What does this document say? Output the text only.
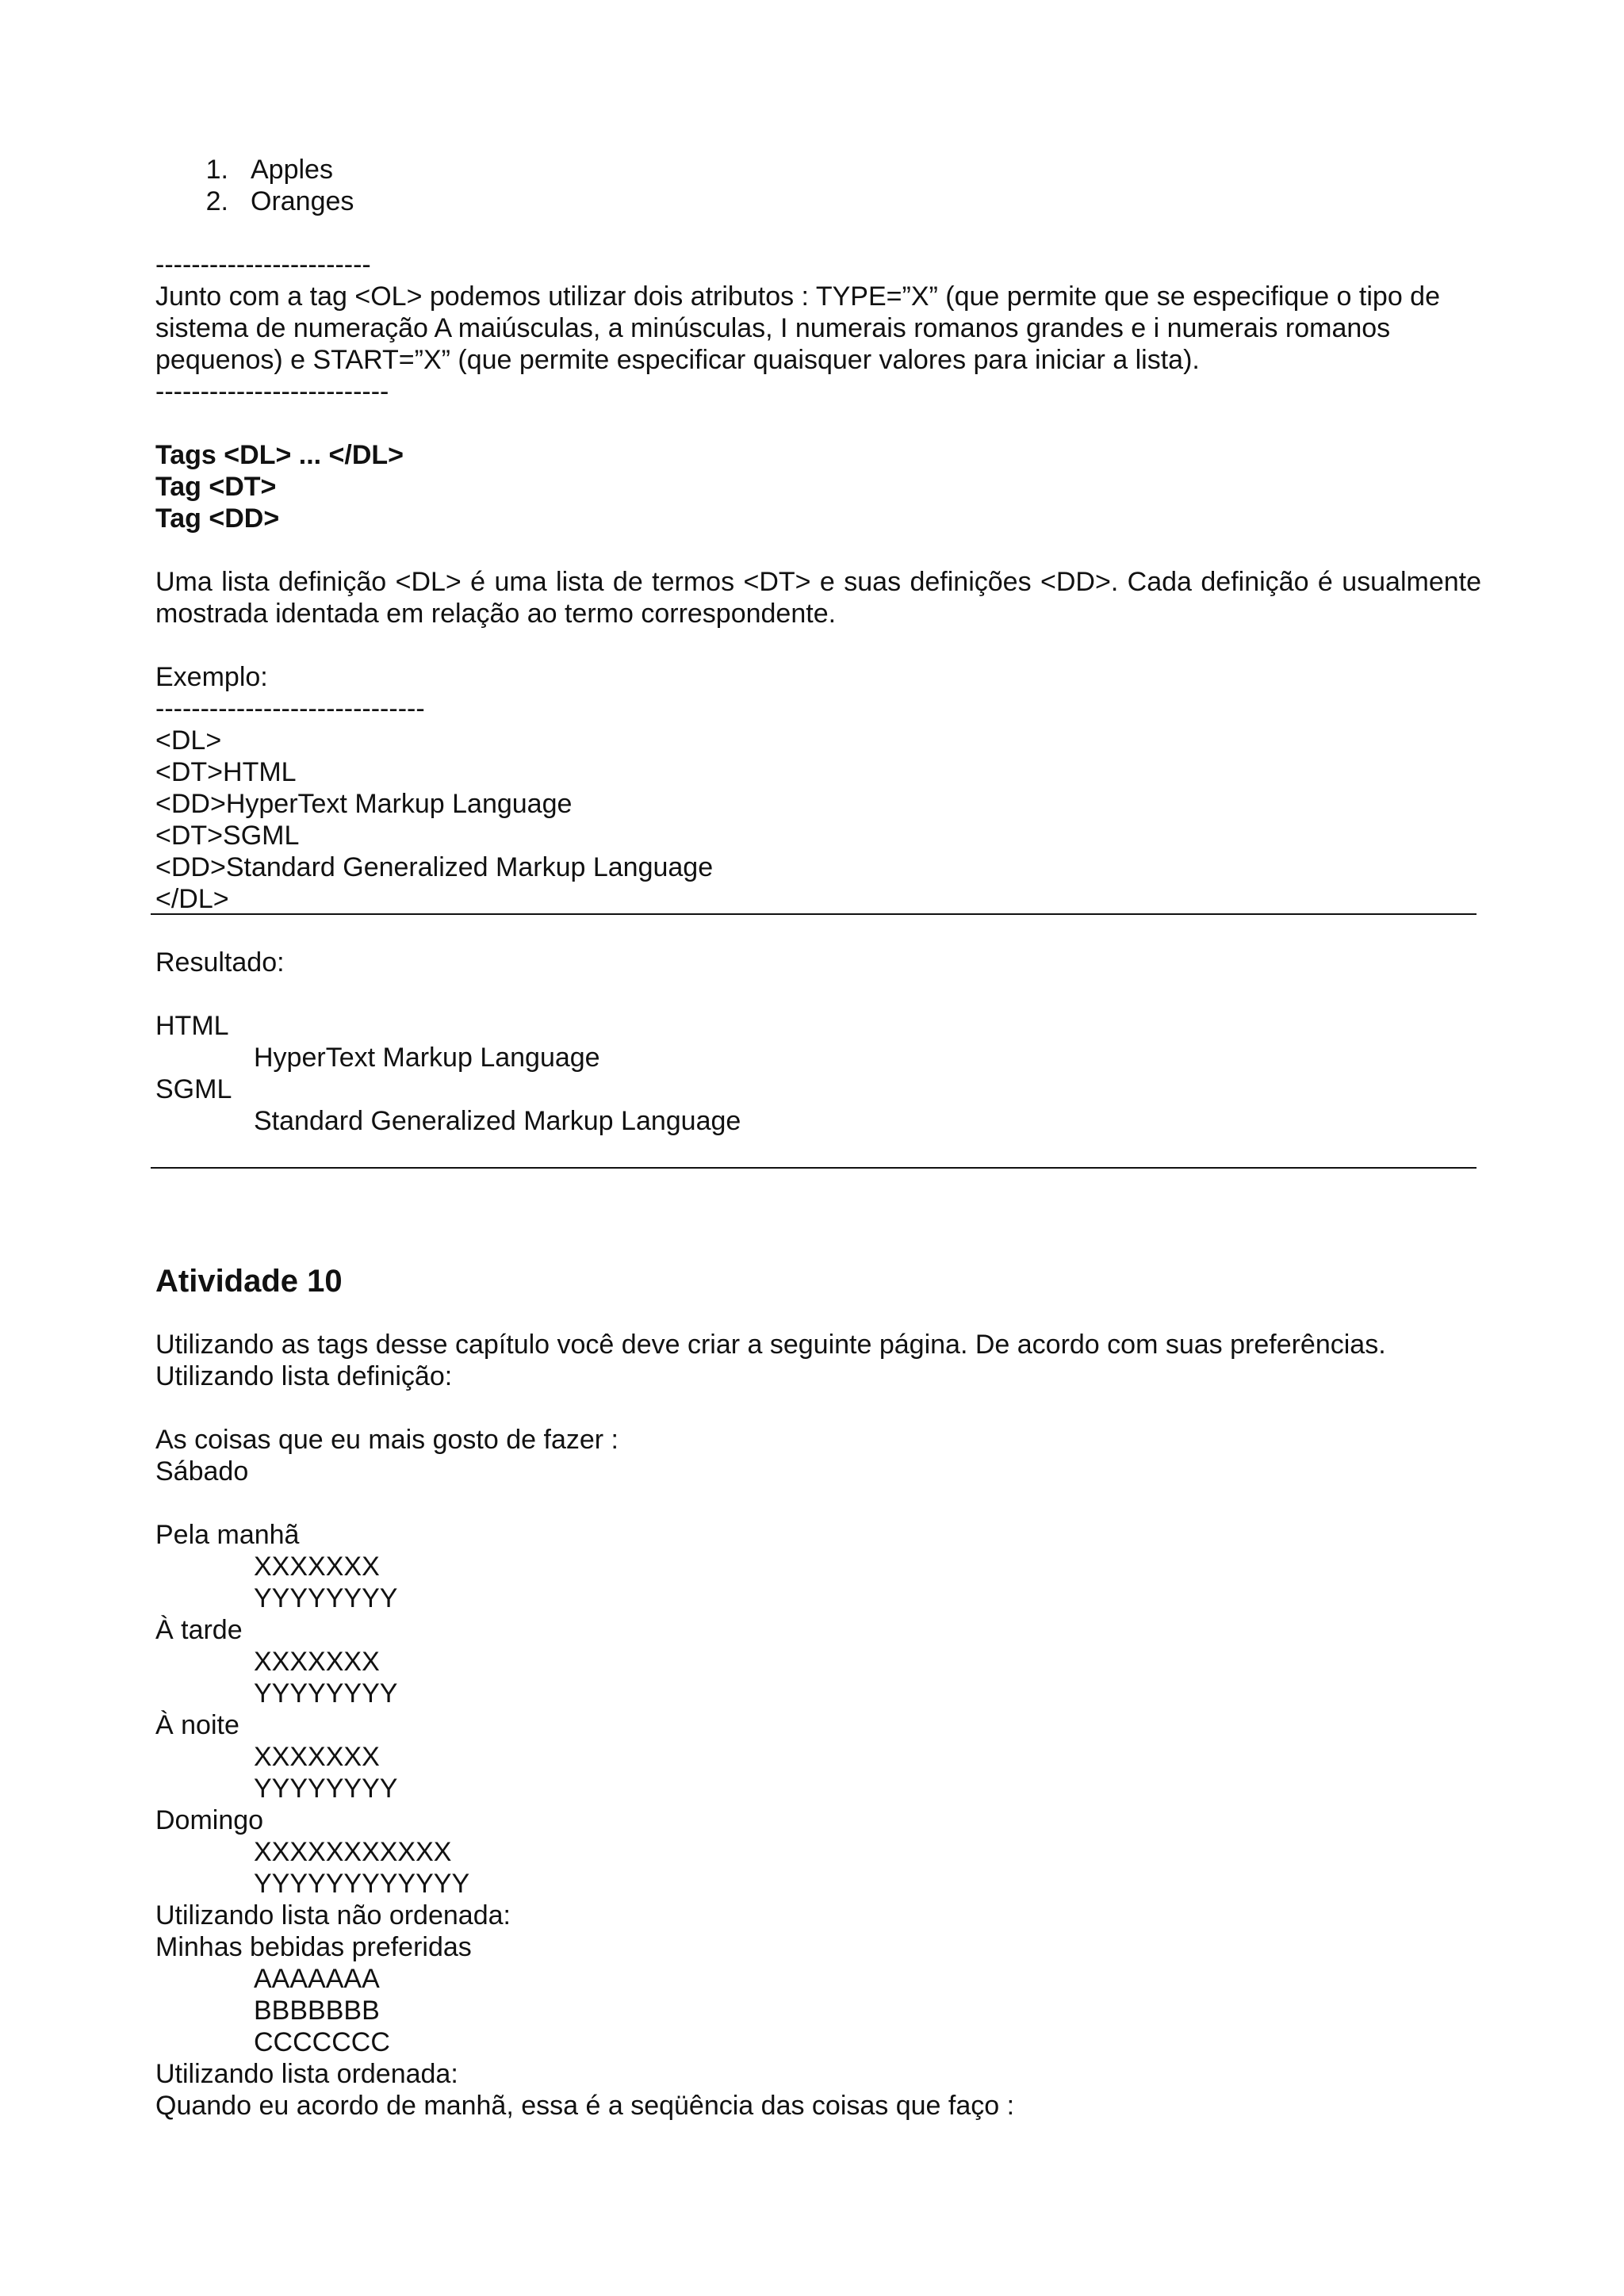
1. Apples
2. Oranges
------------------------
Junto com a tag <OL> podemos utilizar dois atributos : TYPE=”X” (que permite que se especifique o tipo de sistema de numeração A maiúsculas, a minúsculas, I numerais romanos grandes e i numerais romanos pequenos) e START=”X” (que permite especificar quaisquer valores para iniciar a lista).
--------------------------
Tags <DL> ... </DL>
Tag <DT>
Tag <DD>
Uma lista definição <DL> é uma lista de termos <DT> e suas definições <DD>. Cada definição é usualmente mostrada identada em relação ao termo correspondente.
Exemplo:
------------------------------
<DL>
<DT>HTML
<DD>HyperText Markup Language
<DT>SGML
<DD>Standard Generalized Markup Language
</DL>
Resultado:
HTML
HyperText Markup Language
SGML
Standard Generalized Markup Language
Atividade 10
Utilizando as tags desse capítulo você deve criar a seguinte página. De acordo com suas preferências.
Utilizando lista definição:
As coisas que eu mais gosto de fazer :
Sábado
Pela manhã
XXXXXXX
YYYYYYYY
À tarde
XXXXXXX
YYYYYYYY
À noite
XXXXXXX
YYYYYYYY
Domingo
XXXXXXXXXXX
YYYYYYYYYYYY
Utilizando lista não ordenada:
Minhas bebidas preferidas
AAAAAAA
BBBBBBB
CCCCCCC
Utilizando lista ordenada:
Quando eu acordo de manhã, essa é a seqüência das coisas que faço :
